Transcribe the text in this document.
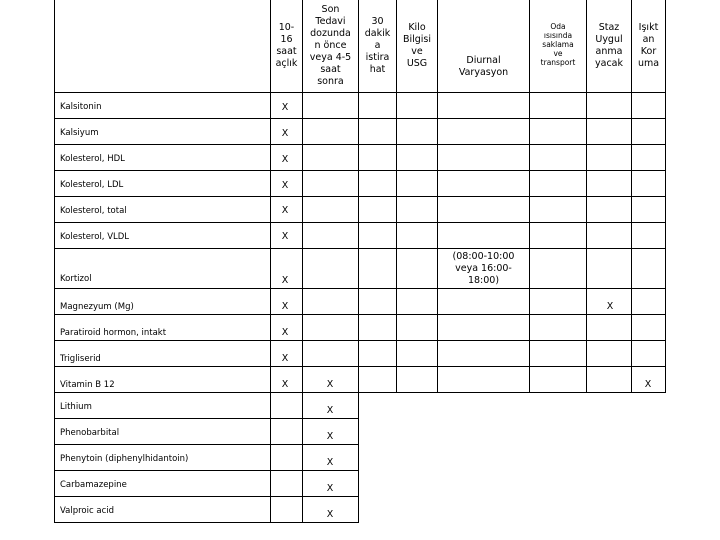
10-
16
saat
açlık
Son
Tedavi
dozunda
n önce
veya 4-5
saat
sonra
30
dakik
a
istira
hat
Kilo
Bilgisi
ve
USG	Diurnal
Varyasyon
Oda
ısısında
saklama
ve
transport
Staz
Uygul
anma
yacak
Işıkt
an
Kor
uma
Kalsitonin
Kalsiyum
Kolesterol, HDL
Kolesterol, LDL
Kolesterol, total
Kolesterol, VLDL
Kortizol
Magnezyum (Mg)
Paratiroid hormon, intakt
Trigliserid
Vitamin B 12
Lithium
Phenobarbital
Phenytoin (diphenylhidantoin)
Carbamazepine
Valproic acid
X
X
X
X
X
X
X
X
X
X
X	X
X
X
X
X
X
(08:00-10:00
veya 16:00-
18:00)
X
X
